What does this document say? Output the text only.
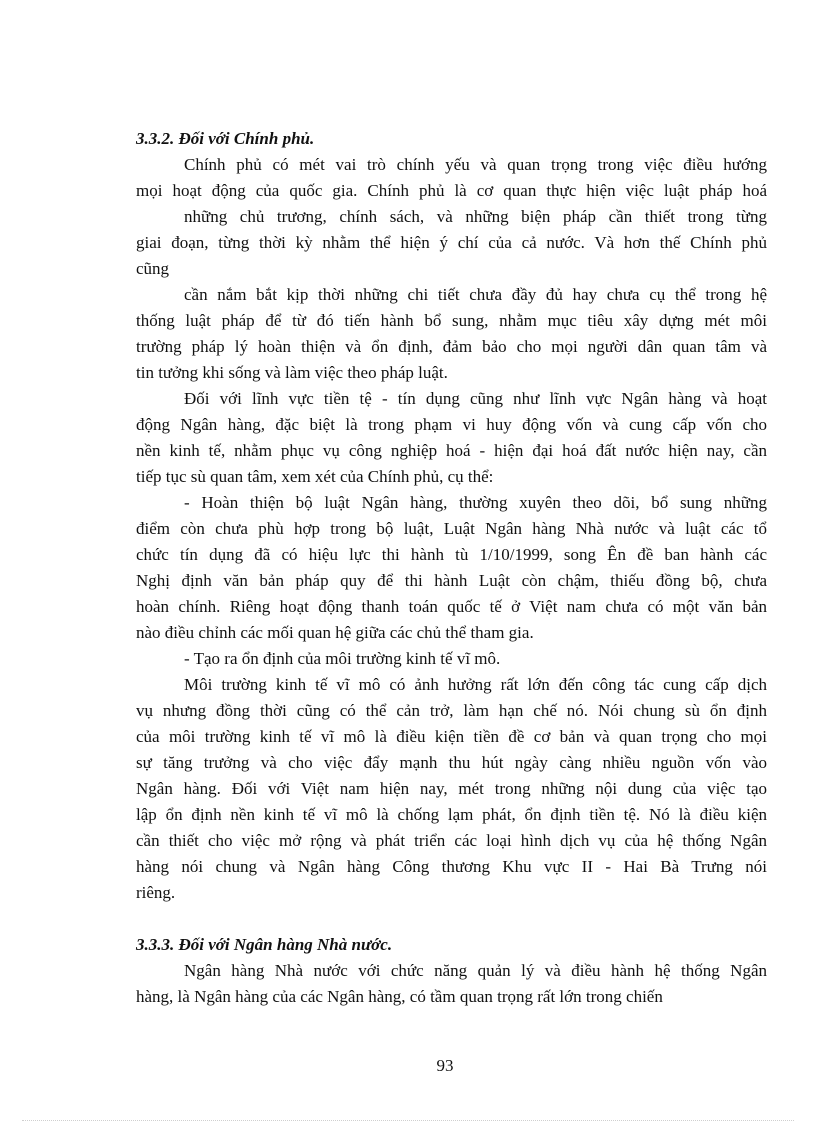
3.3.2. Đối với Chính phủ.

Chính phủ có mét vai trò chính yếu và quan trọng trong việc điều hướng

mọi hoạt động của quốc gia. Chính phủ là cơ quan thực hiện việc luật pháp hoá

những chủ trương, chính sách, và những biện pháp cần thiết trong từng

giai đoạn, từng thời kỳ nhằm thể hiện ý chí của cả nước. Và hơn thế Chính phủ

cũng

cần nắm bắt kịp thời những chi tiết chưa đầy đủ hay chưa cụ thể trong hệ

thống luật pháp để từ đó tiến hành bổ sung, nhằm mục tiêu xây dựng mét môi

trường pháp lý hoàn thiện và ổn định, đảm bảo cho mọi người dân quan tâm và

tin tưởng khi sống và làm việc theo pháp luật.

Đối với lĩnh vực tiền tệ - tín dụng cũng như lĩnh vực Ngân hàng và hoạt

động Ngân hàng, đặc biệt là trong phạm vi huy động vốn và cung cấp vốn cho

nền kinh tế, nhằm phục vụ công nghiệp hoá - hiện đại hoá đất nước hiện nay, cần

tiếp tục sù quan tâm, xem xét của Chính phủ, cụ thể:

- Hoàn thiện bộ luật Ngân hàng, thường xuyên theo dõi, bổ sung những

điểm còn chưa phù hợp trong bộ luật, Luật Ngân hàng Nhà nước và luật các tổ

chức tín dụng đã có hiệu lực thi hành tù 1/10/1999, song Ên đề ban hành các

Nghị định văn bản pháp quy để thi hành Luật còn chậm, thiếu đồng bộ, chưa

hoàn chính. Riêng hoạt động thanh toán quốc tế ở Việt nam chưa có một văn bản

nào điều chỉnh các mối quan hệ giữa các chủ thể tham gia.

- Tạo ra ổn định của môi trường kinh tế vĩ mô.

Môi trường kinh tế vĩ mô có ảnh hưởng rất lớn đến công tác cung cấp dịch

vụ nhưng đồng thời cũng có thể cản trở, làm hạn chế nó. Nói chung sù ổn định

của môi trường kinh tế vĩ mô là điều kiện tiền đề cơ bản và quan trọng cho mọi

sự tăng trưởng và cho việc đẩy mạnh thu hút ngày càng nhiều nguồn vốn vào

Ngân hàng. Đối với Việt nam hiện nay, mét trong những nội dung của việc tạo

lập ổn định nền kinh tế vĩ mô là chống lạm phát, ổn định tiền tệ. Nó là điều kiện

cần thiết cho việc mở rộng và phát triển các loại hình dịch vụ của hệ thống Ngân

hàng nói chung và Ngân hàng Công thương Khu vực II - Hai Bà Trưng nói

riêng.

3.3.3. Đối với Ngân hàng Nhà nước.

Ngân hàng Nhà nước với chức năng quản lý và điều hành hệ thống Ngân

hàng, là Ngân hàng của các Ngân hàng, có tầm quan trọng rất lớn trong chiến

93
